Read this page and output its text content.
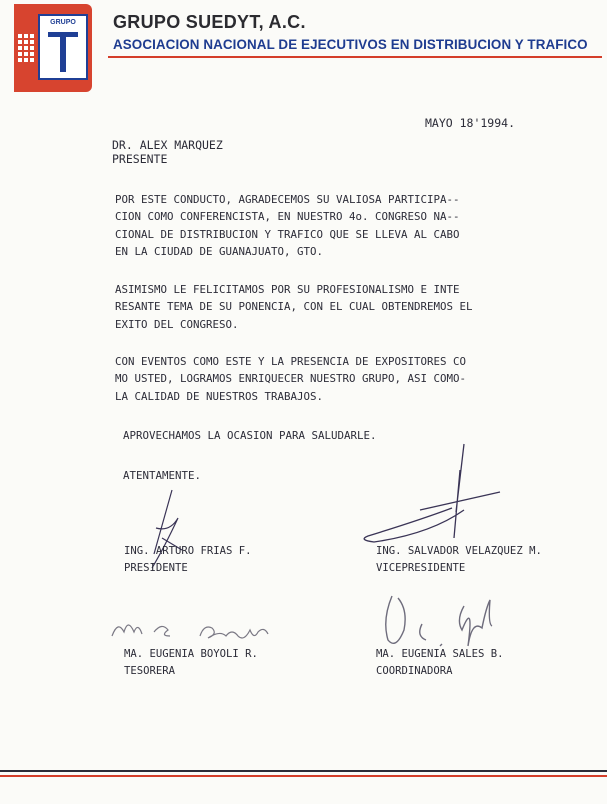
GRUPO	GRUPO SUEDYT, A.C.
ASOCIACION NACIONAL DE EJECUTIVOS EN DISTRIBUCION Y TRAFICO
MAYO 18'1994.
DR. ALEX MARQUEZ
PRESENTE
POR ESTE CONDUCTO, AGRADECEMOS SU VALIOSA PARTICIPA--
CION COMO CONFERENCISTA, EN NUESTRO 4o. CONGRESO NA--
CIONAL DE DISTRIBUCION Y TRAFICO QUE SE LLEVA AL CABO
EN LA CIUDAD DE GUANAJUATO, GTO.
ASIMISMO LE FELICITAMOS POR SU PROFESIONALISMO E INTE
RESANTE TEMA DE SU PONENCIA, CON EL CUAL OBTENDREMOS EL
EXITO DEL CONGRESO.
CON EVENTOS COMO ESTE Y LA PRESENCIA DE EXPOSITORES CO
MO USTED, LOGRAMOS ENRIQUECER NUESTRO GRUPO, ASI COMO-
LA CALIDAD DE NUESTROS TRABAJOS.
APROVECHAMOS LA OCASION PARA SALUDARLE.
ATENTAMENTE.
ING. ARTURO FRIAS F.
PRESIDENTE
ING. SALVADOR VELAZQUEZ M.
VICEPRESIDENTE
MA. EUGENIA BOYOLI R.
TESORERA
MA. EUGENIA SALES B.
COORDINADORA
